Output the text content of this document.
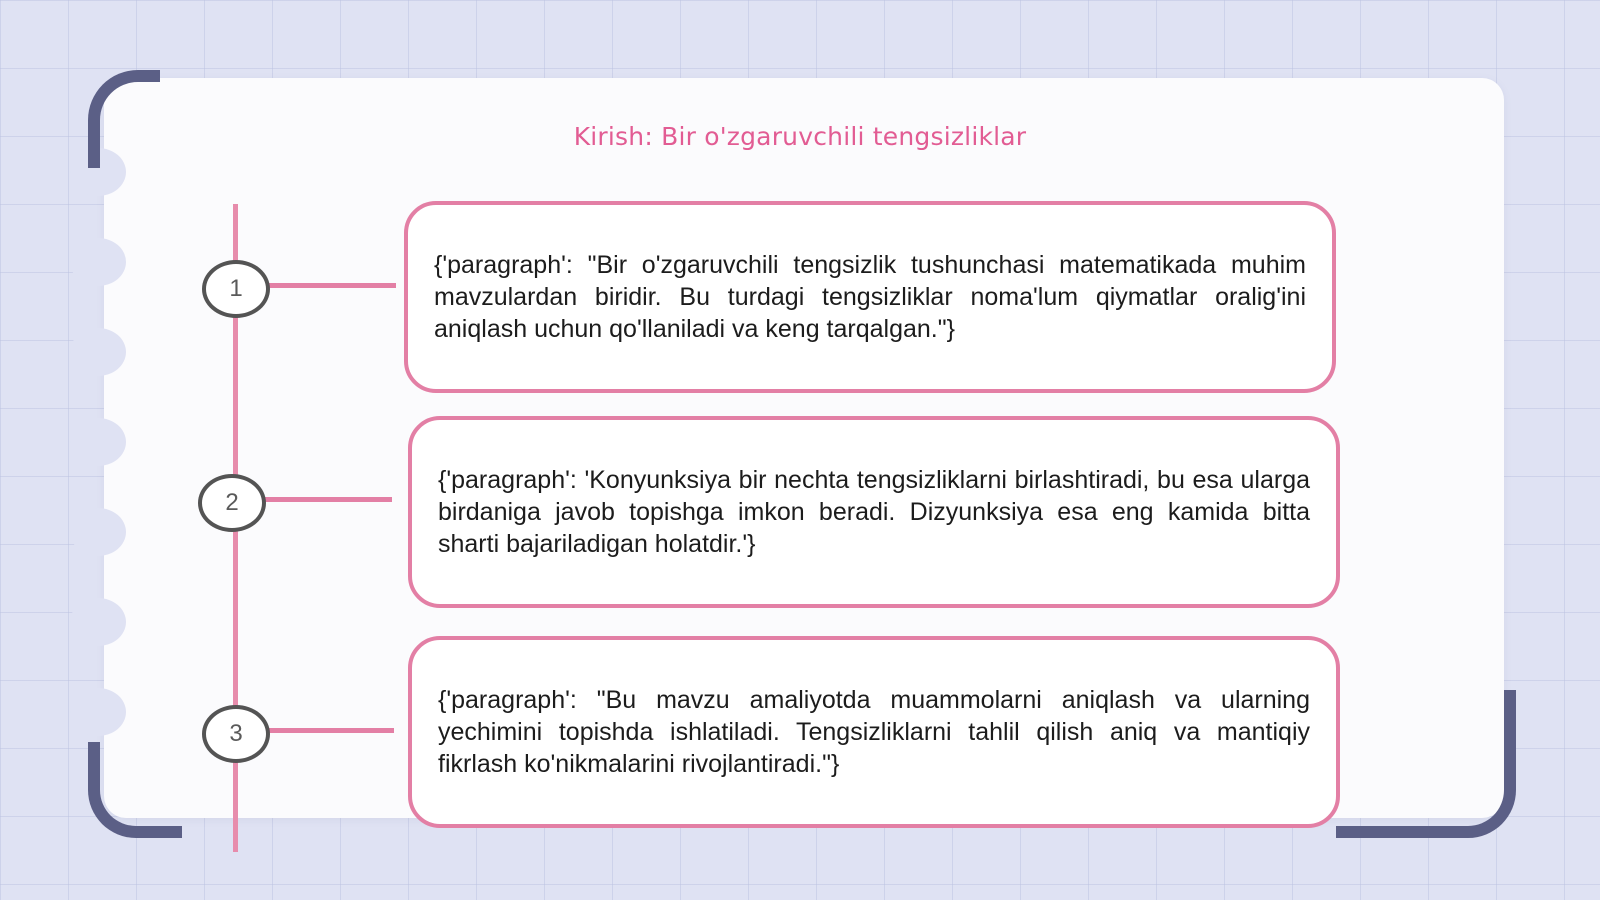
Kirish: Bir o'zgaruvchili tengsizliklar
1
2
3

{'paragraph': "Bir o'zgaruvchili tengsizlik tushunchasi matematikada muhim mavzulardan biridir. Bu turdagi tengsizliklar noma'lum qiymatlar oralig'ini aniqlash uchun qo'llaniladi va keng tarqalgan."}

{'paragraph': 'Konyunksiya bir nechta tengsizliklarni birlashtiradi, bu esa ularga birdaniga javob topishga imkon beradi. Dizyunksiya esa eng kamida bitta sharti bajariladigan holatdir.'}

{'paragraph': "Bu mavzu amaliyotda muammolarni aniqlash va ularning yechimini topishda ishlatiladi. Tengsizliklarni tahlil qilish aniq va mantiqiy fikrlash ko'nikmalarini rivojlantiradi."}
